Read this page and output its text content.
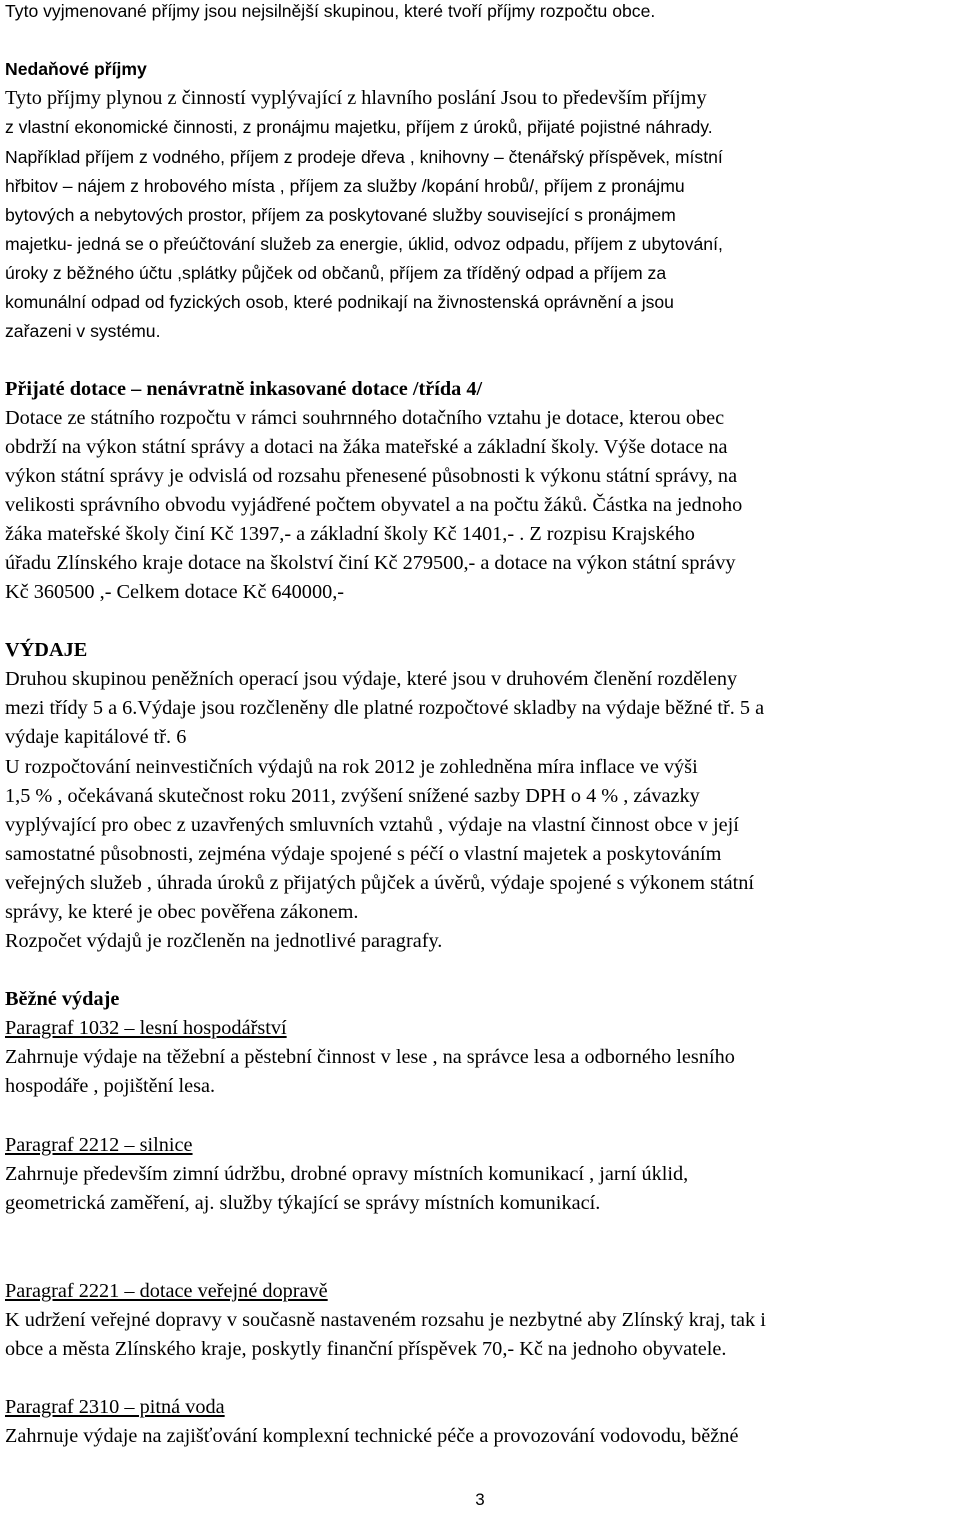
Tyto vyjmenované příjmy jsou nejsilnější skupinou, které tvoří příjmy rozpočtu obce.
Nedaňové příjmy
Tyto příjmy plynou z činností vyplývající z hlavního poslání Jsou to především příjmy
z vlastní ekonomické činnosti, z pronájmu majetku, příjem z úroků, přijaté pojistné náhrady.
Například příjem z vodného, příjem z prodeje dřeva , knihovny – čtenářský příspěvek, místní
hřbitov – nájem z hrobového místa , příjem za služby /kopání hrobů/, příjem z pronájmu
bytových a nebytových prostor, příjem za poskytované služby související s pronájmem
majetku- jedná se o přeúčtování služeb za energie, úklid, odvoz odpadu, příjem z ubytování,
úroky z běžného účtu ,splátky půjček od občanů, příjem za tříděný odpad a příjem za
komunální odpad od fyzických osob, které podnikají na živnostenská oprávnění a jsou
zařazeni v systému.
Přijaté dotace – nenávratně inkasované dotace /třída 4/
Dotace ze státního rozpočtu v rámci souhrnného dotačního vztahu je dotace, kterou obec
obdrží na výkon státní správy a dotaci na žáka mateřské a základní školy. Výše dotace na
výkon státní správy je odvislá od rozsahu přenesené působnosti k výkonu státní správy, na
velikosti správního obvodu vyjádřené počtem obyvatel a na počtu žáků. Částka na jednoho
žáka mateřské školy činí Kč 1397,- a základní školy Kč 1401,- . Z rozpisu Krajského
úřadu Zlínského kraje dotace na školství činí Kč 279500,- a dotace na výkon státní správy
Kč 360500 ,- Celkem dotace Kč 640000,-
VÝDAJE
Druhou skupinou peněžních operací jsou výdaje, které jsou v druhovém členění rozděleny
mezi třídy 5 a 6.Výdaje jsou rozčleněny dle platné rozpočtové skladby na výdaje běžné tř. 5 a
výdaje kapitálové tř. 6
U rozpočtování neinvestičních výdajů na rok 2012 je zohledněna míra inflace ve výši
1,5 % , očekávaná skutečnost roku 2011, zvýšení snížené sazby DPH o 4 % , závazky
vyplývající pro obec z uzavřených smluvních vztahů , výdaje na vlastní činnost obce v její
samostatné působnosti, zejména výdaje spojené s péčí o vlastní majetek a poskytováním
veřejných služeb , úhrada úroků z přijatých půjček a úvěrů, výdaje spojené s výkonem státní
správy, ke které je obec pověřena zákonem.
Rozpočet výdajů je rozčleněn na jednotlivé paragrafy.
Běžné výdaje
Paragraf 1032 – lesní hospodářství
Zahrnuje výdaje na těžební a pěstební činnost v lese , na správce lesa a odborného lesního
hospodáře , pojištění lesa.
Paragraf 2212 – silnice
Zahrnuje především zimní údržbu, drobné opravy místních komunikací , jarní úklid,
geometrická zaměření, aj. služby týkající se správy místních komunikací.
Paragraf 2221 – dotace veřejné dopravě
K udržení veřejné dopravy v současně nastaveném rozsahu je nezbytné aby Zlínský kraj, tak i
obce a města Zlínského kraje, poskytly finanční příspěvek 70,- Kč na jednoho obyvatele.
Paragraf 2310 – pitná voda
Zahrnuje výdaje na zajišťování komplexní technické péče a provozování vodovodu, běžné
3
